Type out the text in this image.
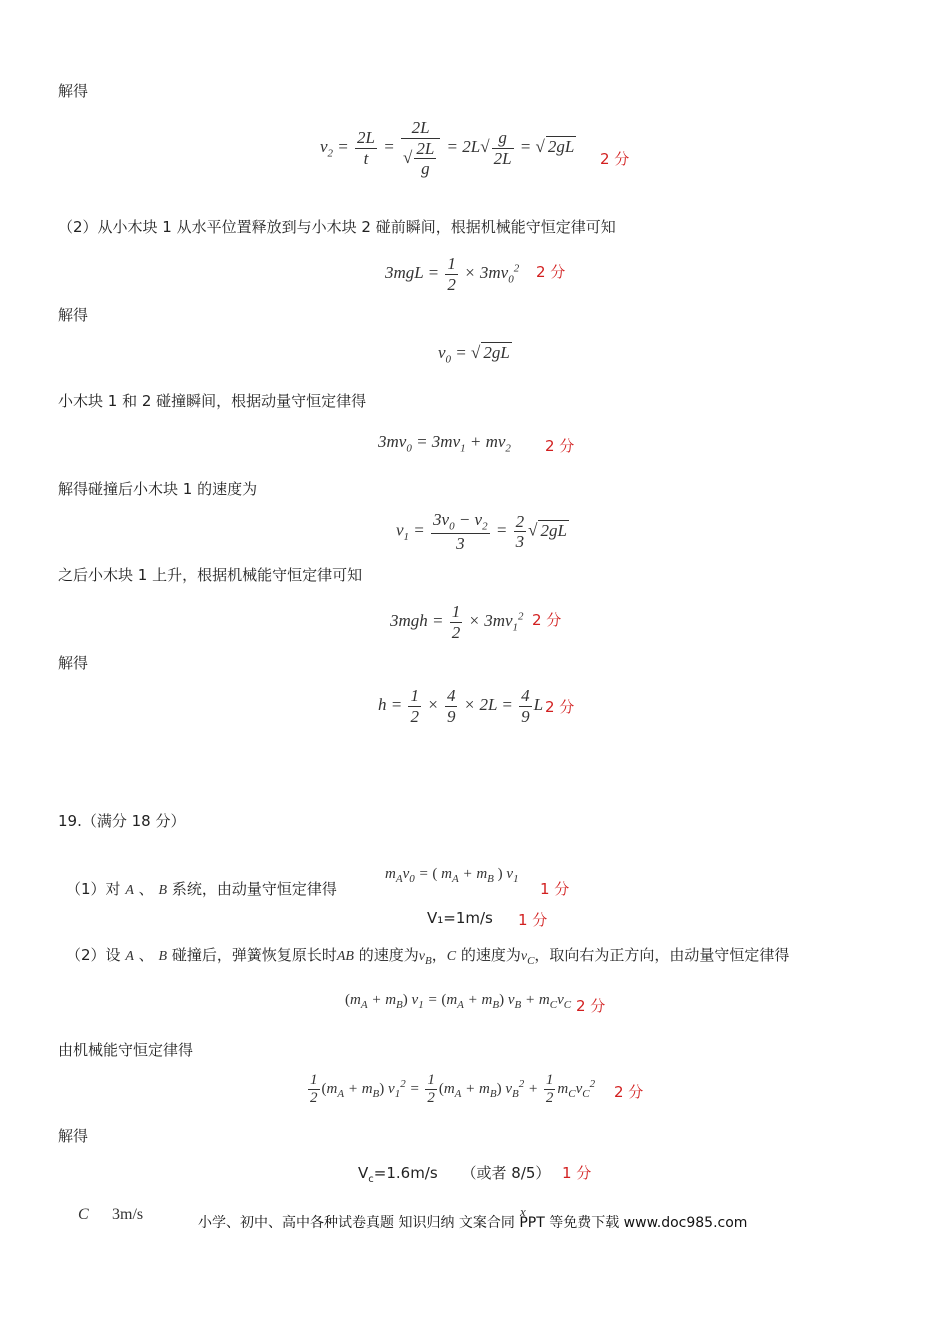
解得
$v_2 = \frac{2L}{t} = \frac{2L}{√ \frac{2L}{g}} = 2L√ \frac{g}{2L}$ = √ 2gL
2 分
（2）从小木块 1 从水平位置释放到与小木块 2 碰前瞬间，根据机械能守恒定律可知
$3mgL = \frac{1}{2} \times 3mv_0^2$ 2 分
解得
$v_0$ = √ 2gL
小木块 1 和 2 碰撞瞬间，根据动量守恒定律得
$3mv_0 = 3mv_1 + mv_2$ 2 分
解得碰撞后小木块 1 的速度为
$v_1 = \frac{3v_0 - v_2}{3} = \frac{2}{3}$ √ 2gL
之后小木块 1 上升，根据机械能守恒定律可知
$3mgh = \frac{1}{2} \times 3mv_1^2$ 2 分
解得
$h = \frac{1}{2} \times \frac{4}{9} \times 2L = \frac{4}{9}$ L 2 分
19.（满分 18 分）
（1）对 A 、 B 系统，由动量守恒定律得
$m_Av_0$ = ( $m_A + m_B$ ) $v_1$
1 分
V₁=1m/s 1 分
（2）设 A 、 B 碰撞后，弹簧恢复原长时AB 的速度为$v_B$，C 的速度为$v_C$，取向右为正方向，由动量守恒定律得
$(m_A + m_B) v_1 = (m_A + m_B) v_B + m_Cv_C$ 2 分
由机械能守恒定律得
$\frac{1}{2} (m_A + m_B) v_1^2 = \frac{1}{2} (m_A + m_B) v_B^2 + \frac{1}{2} m_Cv_C^2$ 2 分
解得
$V_c=1.6m/s$ （或者 8/5） 1 分
C 3m/s	x
小学、初中、高中各种试卷真题 知识归纳 文案合同 PPT 等免费下载 www.doc985.com
